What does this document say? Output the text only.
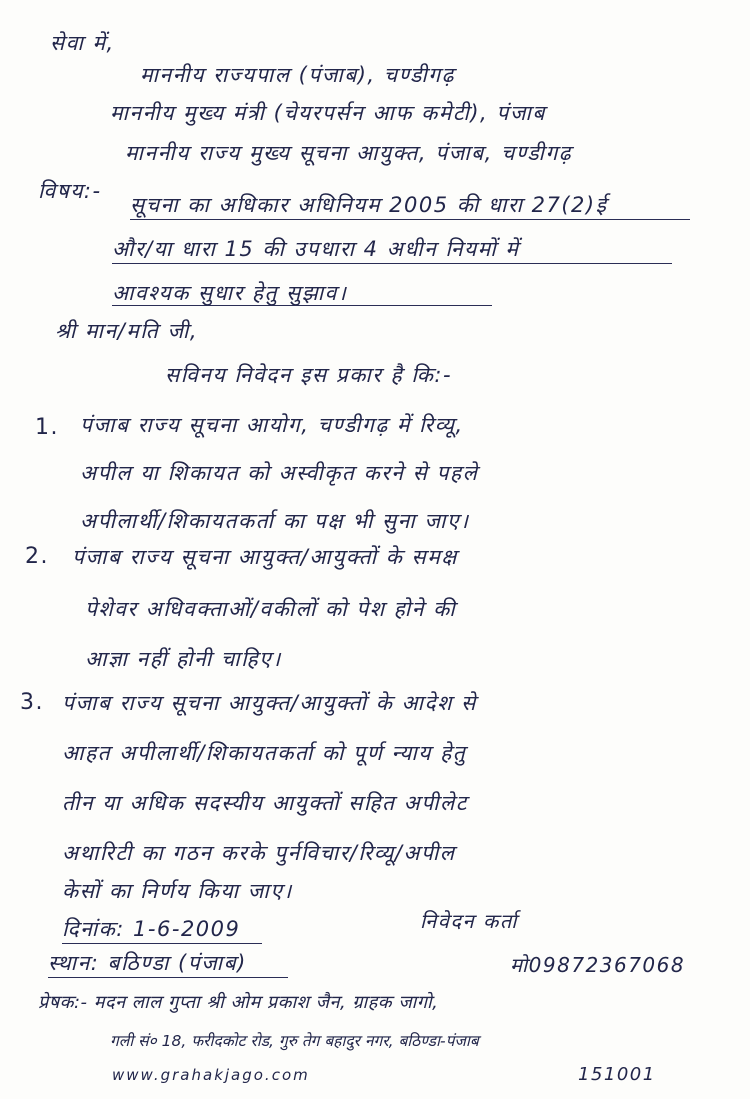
सेवा में,
माननीय राज्यपाल (पंजाब), चण्डीगढ़
माननीय मुख्य मंत्री (चेयरपर्सन आफ कमेटी), पंजाब
माननीय राज्य मुख्य सूचना आयुक्त, पंजाब, चण्डीगढ़
विषय:-
सूचना का अधिकार अधिनियम 2005 की धारा 27(2)ई
और/या धारा 15 की उपधारा 4 अधीन नियमों में
आवश्यक सुधार हेतु सुझाव।
श्री मान/मति जी,
सविनय निवेदन इस प्रकार है कि:-
1. पंजाब राज्य सूचना आयोग, चण्डीगढ़ में रिव्यू,
अपील या शिकायत को अस्वीकृत करने से पहले
अपीलार्थी/शिकायतकर्ता का पक्ष भी सुना जाए।
2. पंजाब राज्य सूचना आयुक्त/आयुक्तों के समक्ष
पेशेवर अधिवक्ताओं/वकीलों को पेश होने की
आज्ञा नहीं होनी चाहिए।
3. पंजाब राज्य सूचना आयुक्त/आयुक्तों के आदेश से
आहत अपीलार्थी/शिकायतकर्ता को पूर्ण न्याय हेतु
तीन या अधिक सदस्यीय आयुक्तों सहित अपीलेट
अथारिटी का गठन करके पुर्नविचार/रिव्यू/अपील
केसों का निर्णय किया जाए।
दिनांक: 1-6-2009	निवेदन कर्ता
स्थान: बठिण्डा (पंजाब)	मो09872367068
प्रेषक:- मदन लाल गुप्ता श्री ओम प्रकाश जैन, ग्राहक जागो,
गली सं० 18, फरीदकोट रोड, गुरु तेग बहादुर नगर, बठिण्डा-पंजाब
www.grahakjago.com	151001
